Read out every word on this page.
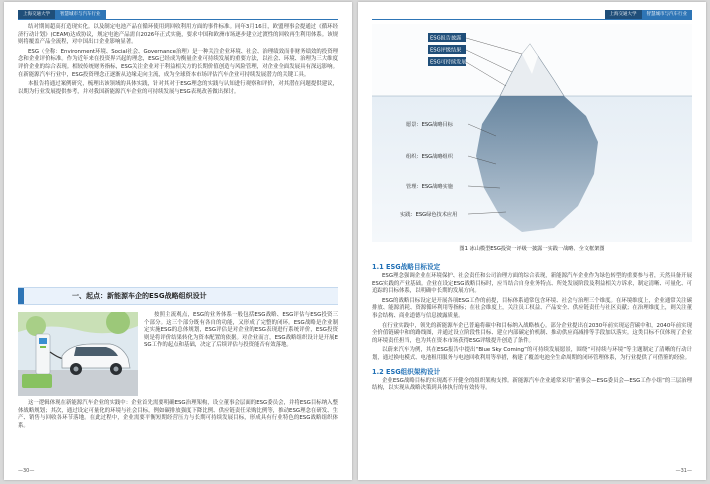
上海交通大学	智慧城市与汽车行业

结对期间超高打造现实化。以及制定电池产品在循环使用到回收利用方面的事件标准。同年3月16日，欧盟理事会提通过《循环经济行动计划》(CEAM)达成协议，规定电池产品需自2026年正式实施，要求中国和欧洲市场逐步建立过渡性的回收再生利用体系。该规则将覆盖产品全流程，对中国出口企业影响显著。

ESG（全称：Environment环境、Social社会、Governance治理）是一种关注企业环境、社会、治理绩效而非财务绩效的投资理念和企业评价标准。作为近年来在投资界兴起的理念，ESG已经成为衡量企业可持续发展的重要方法，以社会、环境、治理为三大维度评价企业的综合表现。相较传统财务指标，ESG关注企业对于利益相关方的长期价值创造与风险管理，对企业全面发展具有深远影响。在新能源汽车行业中，ESG投资理念正逐渐从边缘走向主流，成为全球资本市场评估汽车企业可持续发展潜力的关键工具。

本报告将通过案例研究，梳理出该领域的具体实践，针对其对于ESG理念的实践与认知进行观察和评价，对其潜在问题提供建议，以期为行业发展提供参考，并对我国新能源汽车企业的可持续发展与ESG表现改善做出探讨。

一、起点：新能源车企的ESG战略组织设计

按照主流观点，ESG的业务体系一般包括ESG战略、ESG评估与ESG投资三个部分。这三个部分既有各自的功能，又形成了完整的闭环。ESG战略是企业制定实施ESG的总体规划，ESG评估是对企业的ESG表现进行系统评价，ESG投资则是将评价结果转化为资本配置的依据。对企业而言，ESG战略组织设计是开展ESG工作的起点和基础，决定了后续评估与投资能否有效落地。

这一逻辑体现在新能源汽车企业的实践中：企业首先需要明确ESG治理架构，设立董事会层面的ESG委员会，并将ESG目标纳入整体战略规划；其次，通过设定可量化的环境与社会目标，例如碳排放强度下降比例、供应链责任采购比例等，推动ESG理念在研发、生产、销售与回收各环节落地。在此过程中，企业需要平衡短期经营压力与长期可持续发展目标，形成具有行业特色的ESG战略组织体系。

—30—
上海交通大学	智慧城市与汽车行业
ESG报告披露
ESG评级结果
ESG可持续发展
愿景：ESG战略目标
组织：ESG战略组织
管理：ESG战略实施
实践：ESG绿色技术应用
图1 冰山模型ESG投资一评级一披露一实践一战略、全文框架图
1.1 ESG战略目标设定

ESG理念强调企业在环境保护、社会责任和公司治理方面的综合表现，新能源汽车企业作为绿色转型的重要参与者，天然具备开展ESG实践的产业基础。企业在设定ESG战略目标时，应当结合自身业务特点、所处发展阶段及利益相关方诉求，制定清晰、可量化、可追踪的目标体系，以明确中长期的发展方向。

ESG的战略目标设定是开展各项ESG工作的前提，目标体系通常包含环境、社会与治理三个维度。在环境维度上，企业通常关注碳排放、能源消耗、资源循环利用等指标；在社会维度上，关注员工权益、产品安全、供应链责任与社区贡献；在治理维度上，则关注董事会结构、商业道德与信息披露质量。

在行业实践中，领先的新能源车企已普遍将碳中和目标纳入战略核心。部分企业提出在2030年前实现运营碳中和，2040年前实现全价值链碳中和的路线图，并通过设立阶段性目标、建立内部碳定价机制、推动供应商减排等手段加以落实。这类目标不仅体现了企业的环境责任担当，也为其在资本市场获得ESG评级提升创造了条件。

以蔚来汽车为例，其在ESG报告中提出“Blue Sky Coming”的可持续发展愿景，围绕“可持续与环境”等主题制定了清晰的行动计划，通过换电模式、电池租用服务与电池回收利用等举措，构建了覆盖电池全生命周期的闭环管理体系，为行业提供了可借鉴的经验。

1.2 ESG组织架构设计

企业ESG战略目标的实现离不开健全的组织架构支撑。新能源汽车企业通常采用“董事会—ESG委员会—ESG工作小组”的三层治理结构，以实现从战略决策到具体执行的有效传导。

—31—
